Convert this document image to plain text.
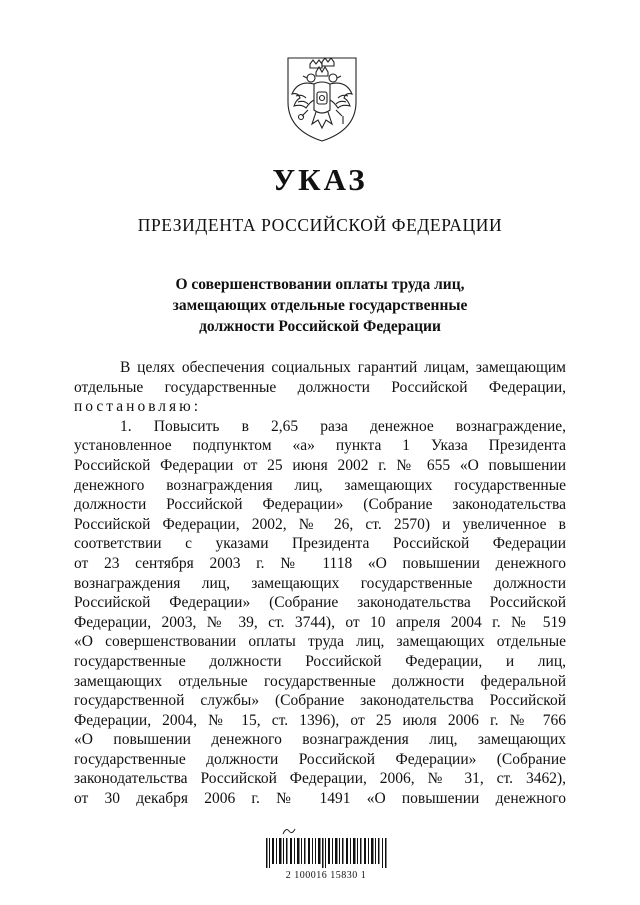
УКАЗ
ПРЕЗИДЕНТА РОССИЙСКОЙ ФЕДЕРАЦИИ
О совершенствовании оплаты труда лиц,
замещающих отдельные государственные
должности Российской Федерации
В целях обеспечения социальных гарантий лицам, замещающим
отдельные государственные должности Российской Федерации,
постановляю:
1. Повысить в 2,65 раза денежное вознаграждение,
установленное подпунктом «а» пункта 1 Указа Президента
Российской Федерации от 25 июня 2002 г. № 655 «О повышении
денежного вознаграждения лиц, замещающих государственные
должности Российской Федерации» (Собрание законодательства
Российской Федерации, 2002, № 26, ст. 2570) и увеличенное в
соответствии с указами Президента Российской Федерации
от 23 сентября 2003 г. № 1118 «О повышении денежного
вознаграждения лиц, замещающих государственные должности
Российской Федерации» (Собрание законодательства Российской
Федерации, 2003, № 39, ст. 3744), от 10 апреля 2004 г. № 519
«О совершенствовании оплаты труда лиц, замещающих отдельные
государственные должности Российской Федерации, и лиц,
замещающих отдельные государственные должности федеральной
государственной службы» (Собрание законодательства Российской
Федерации, 2004, № 15, ст. 1396), от 25 июля 2006 г. № 766
«О повышении денежного вознаграждения лиц, замещающих
государственные должности Российской Федерации» (Собрание
законодательства Российской Федерации, 2006, № 31, ст. 3462),
от 30 декабря 2006 г. № 1491 «О повышении денежного
2 100016 15830 1
